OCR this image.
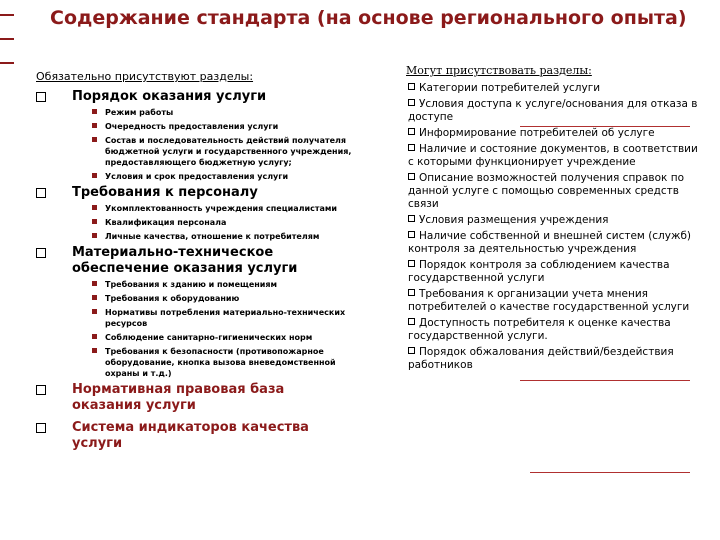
Содержание стандарта (на основе регионального опыта)
Обязательно присутствуют разделы:
Порядок оказания услуги
Режим работы
Очередность предоставления услуги
Состав и последовательность действий получателя бюджетной услуги и государственного учреждения, предоставляющего бюджетную услугу;
Условия и срок предоставления услуги
Требования к персоналу
Укомплектованность учреждения специалистами
Квалификация персонала
Личные качества, отношение к потребителям
Материально-техническое обеспечение оказания услуги
Требования к зданию и помещениям
Требования к оборудованию
Нормативы потребления материально-технических ресурсов
Соблюдение санитарно-гигиенических норм
Требования к безопасности (противопожарное оборудование, кнопка вызова вневедомственной охраны и т.д.)
Нормативная правовая база оказания услуги
Система индикаторов качества услуги
Могут присутствовать разделы:
Категории потребителей услуги
Условия доступа к услуге/основания для отказа в доступе
Информирование потребителей об услуге
Наличие и состояние документов, в соответствии с которыми функционирует учреждение
Описание возможностей получения справок по данной услуге с помощью современных средств связи
Условия размещения учреждения
Наличие собственной и внешней систем (служб) контроля за деятельностью учреждения
Порядок контроля за соблюдением качества государственной услуги
Требования к организации учета мнения потребителей о качестве государственной услуги
Доступность потребителя к оценке качества государственной услуги.
Порядок обжалования действий/бездействия работников
